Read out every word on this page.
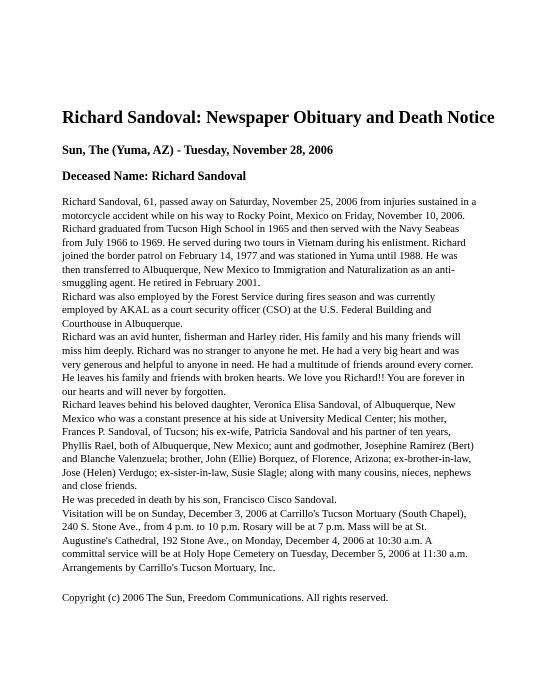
Richard Sandoval: Newspaper Obituary and Death Notice
Sun, The (Yuma, AZ) - Tuesday, November 28, 2006
Deceased Name: Richard Sandoval
Richard Sandoval, 61, passed away on Saturday, November 25, 2006 from injuries sustained in a
motorcycle accident while on his way to Rocky Point, Mexico on Friday, November 10, 2006.
Richard graduated from Tucson High School in 1965 and then served with the Navy Seabeas
from July 1966 to 1969. He served during two tours in Vietnam during his enlistment. Richard
joined the border patrol on February 14, 1977 and was stationed in Yuma until 1988. He was
then transferred to Albuquerque, New Mexico to Immigration and Naturalization as an anti-
smuggling agent. He retired in February 2001.
Richard was also employed by the Forest Service during fires season and was currently
employed by AKAL as a court security officer (CSO) at the U.S. Federal Building and
Courthouse in Albuquerque.
Richard was an avid hunter, fisherman and Harley rider. His family and his many friends will
miss him deeply. Richard was no stranger to anyone he met. He had a very big heart and was
very generous and helpful to anyone in need. He had a multitude of friends around every corner.
He leaves his family and friends with broken hearts. We love you Richard!! You are forever in
our hearts and will never by forgotten.
Richard leaves behind his beloved daughter, Veronica Elisa Sandoval, of Albuquerque, New
Mexico who was a constant presence at his side at University Medical Center; his mother,
Frances P. Sandoval, of Tucson; his ex-wife, Patricia Sandoval and his partner of ten years,
Phyllis Rael, both of Albuquerque, New Mexico; aunt and godmother, Josephine Ramirez (Bert)
and Blanche Valenzuela; brother, John (Ellie) Borquez, of Florence, Arizona; ex-brother-in-law,
Jose (Helen) Verdugo; ex-sister-in-law, Susie Slagle; along with many cousins, nieces, nephews
and close friends.
He was preceded in death by his son, Francisco Cisco Sandoval.
Visitation will be on Sunday, December 3, 2006 at Carrillo's Tucson Mortuary (South Chapel),
240 S. Stone Ave., from 4 p.m. to 10 p.m. Rosary will be at 7 p.m. Mass will be at St.
Augustine's Cathedral, 192 Stone Ave., on Monday, December 4, 2006 at 10:30 a.m. A
committal service will be at Holy Hope Cemetery on Tuesday, December 5, 2006 at 11:30 a.m.
Arrangements by Carrillo's Tucson Mortuary, Inc.
Copyright (c) 2006 The Sun, Freedom Communications. All rights reserved.
